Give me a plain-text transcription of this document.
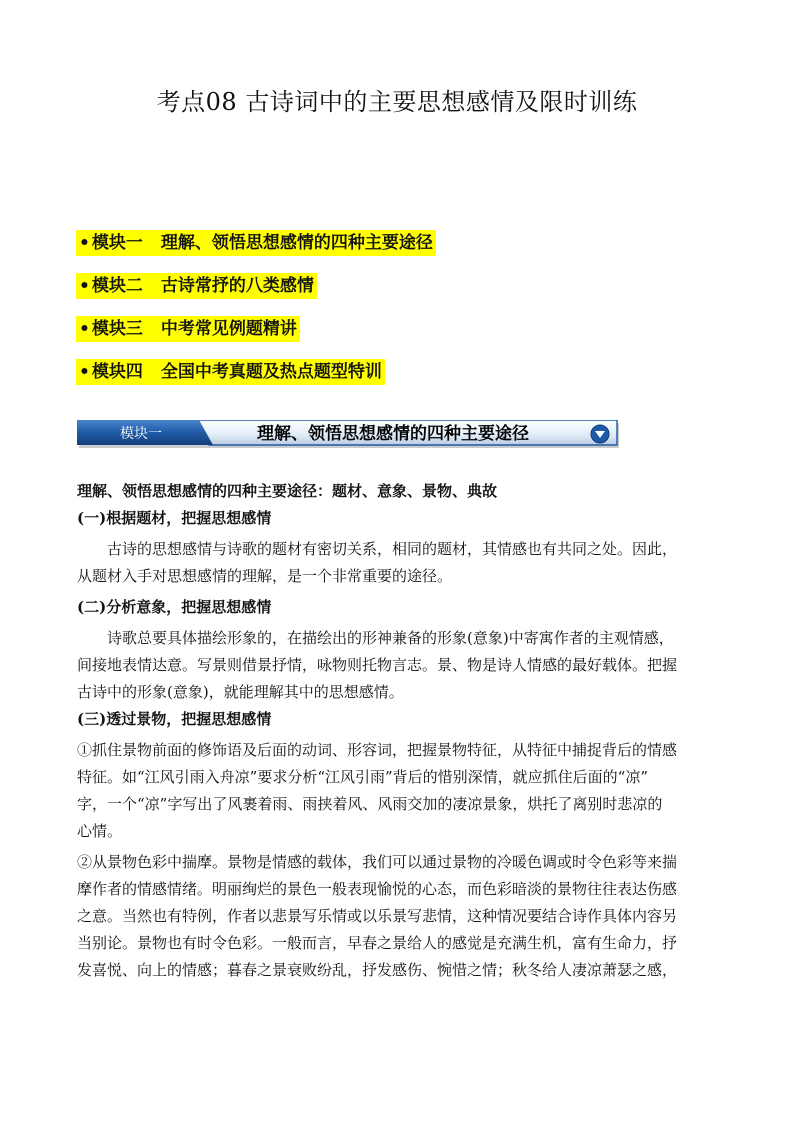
考点08 古诗词中的主要思想感情及限时训练
• 模块一 理解、领悟思想感情的四种主要途径
• 模块二 古诗常抒的八类感情
• 模块三 中考常见例题精讲
• 模块四 全国中考真题及热点题型特训
模块一	理解、领悟思想感情的四种主要途径
理解、领悟思想感情的四种主要途径：题材、意象、景物、典故
(一)根据题材，把握思想感情
古诗的思想感情与诗歌的题材有密切关系，相同的题材，其情感也有共同之处。因此，
从题材入手对思想感情的理解，是一个非常重要的途径。
(二)分析意象，把握思想感情
诗歌总要具体描绘形象的，在描绘出的形神兼备的形象(意象)中寄寓作者的主观情感，
间接地表情达意。写景则借景抒情，咏物则托物言志。景、物是诗人情感的最好载体。把握
古诗中的形象(意象)，就能理解其中的思想感情。
(三)透过景物，把握思想感情
①抓住景物前面的修饰语及后面的动词、形容词，把握景物特征，从特征中捕捉背后的情感
特征。如“江风引雨入舟凉”要求分析“江风引雨”背后的惜别深情，就应抓住后面的“凉”
字，一个“凉”字写出了风裹着雨、雨挟着风、风雨交加的凄凉景象，烘托了离别时悲凉的
心情。
②从景物色彩中揣摩。景物是情感的载体，我们可以通过景物的冷暖色调或时令色彩等来揣
摩作者的情感情绪。明丽绚烂的景色一般表现愉悦的心态，而色彩暗淡的景物往往表达伤感
之意。当然也有特例，作者以悲景写乐情或以乐景写悲情，这种情况要结合诗作具体内容另
当别论。景物也有时令色彩。一般而言，早春之景给人的感觉是充满生机，富有生命力，抒
发喜悦、向上的情感；暮春之景衰败纷乱，抒发感伤、惋惜之情；秋冬给人凄凉萧瑟之感，
